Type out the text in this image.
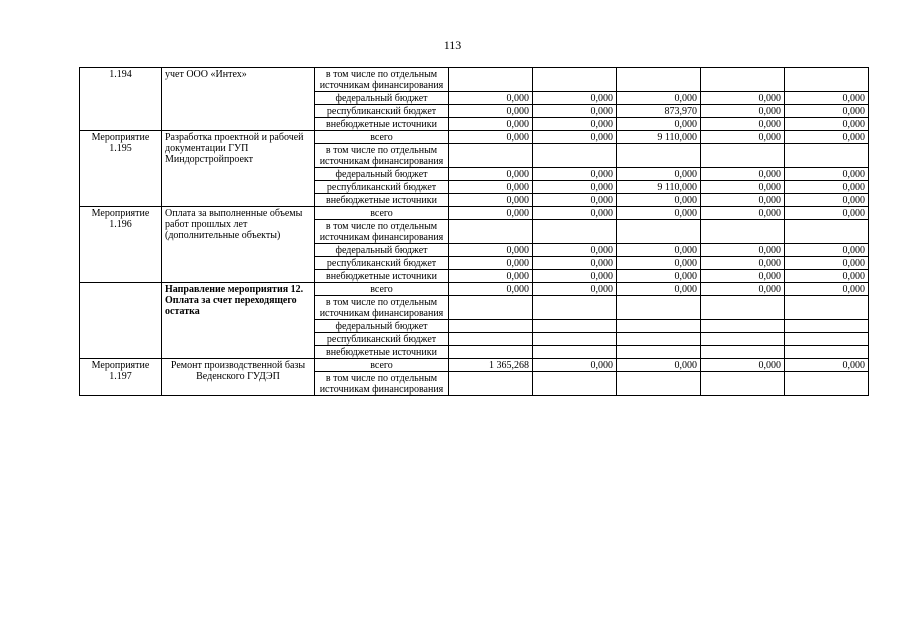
113
1.194	учет ООО «Интех»	в том числе по отдельным источникам финансирования					
		федеральный бюджет	0,000	0,000	0,000	0,000	0,000
		республиканский бюджет	0,000	0,000	873,970	0,000	0,000
		внебюджетные источники	0,000	0,000	0,000	0,000	0,000
Мероприятие 1.195	Разработка проектной и рабочей документации ГУП Миндорстройпроект	всего	0,000	0,000	9 110,000	0,000	0,000
		в том числе по отдельным источникам финансирования					
		федеральный бюджет	0,000	0,000	0,000	0,000	0,000
		республиканский бюджет	0,000	0,000	9 110,000	0,000	0,000
		внебюджетные источники	0,000	0,000	0,000	0,000	0,000
Мероприятие 1.196	Оплата за выполненные объемы работ прошлых лет (дополнительные объекты)	всего	0,000	0,000	0,000	0,000	0,000
		в том числе по отдельным источникам финансирования					
		федеральный бюджет	0,000	0,000	0,000	0,000	0,000
		республиканский бюджет	0,000	0,000	0,000	0,000	0,000
		внебюджетные источники	0,000	0,000	0,000	0,000	0,000
	Направление мероприятия 12. Оплата за счет переходящего остатка	всего	0,000	0,000	0,000	0,000	0,000
		в том числе по отдельным источникам финансирования					
		федеральный бюджет					
		республиканский бюджет					
		внебюджетные источники					
Мероприятие 1.197	Ремонт производственной базы Веденского ГУДЭП	всего	1 365,268	0,000	0,000	0,000	0,000
		в том числе по отдельным источникам финансирования					
